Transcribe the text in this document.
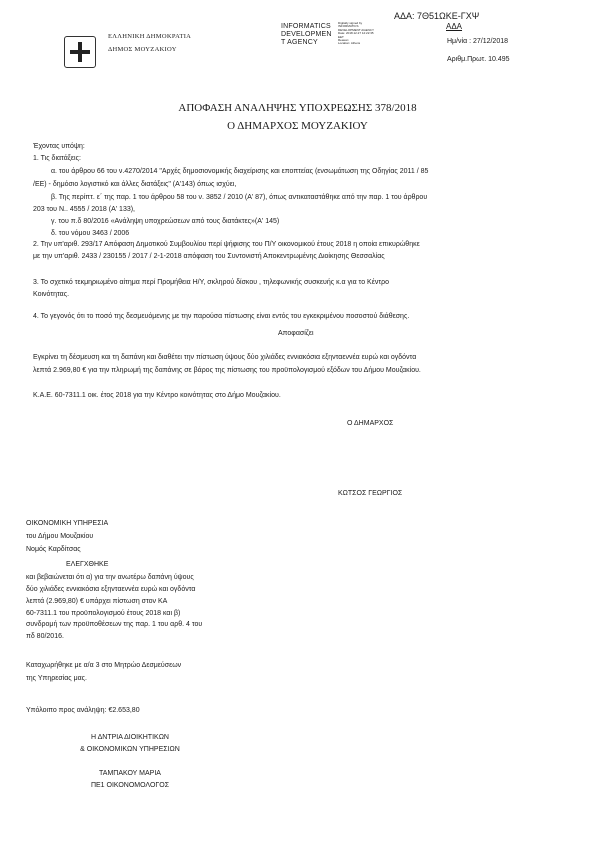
ΕΛΛΗΝΙΚΗ ΔΗΜΟΚΡΑΤΙΑ
ΔΗΜΟΣ ΜΟΥΖΑΚΙΟΥ
INFORMATICS
DEVELOPMEN
T AGENCY
Digitally signed by
INFORMATICS
DEVELOPMENT AGENCY
Date: 2018.12.27 12:22:35
EET
Reason:
Location: Athens
ΑΔΑ: 7Θ51ΩΚΕ-ΓΧΨ
ΑΔΑ
Ημ/νία : 27/12/2018
Αριθμ.Πρωτ. 10.495
ΑΠΟΦΑΣΗ ΑΝΑΛΗΨΗΣ ΥΠΟΧΡΕΩΣΗΣ 378/2018
Ο ΔΗΜΑΡΧΟΣ ΜΟΥΖΑΚΙΟΥ
Έχοντας υπόψη:
1. Τις διατάξεις:
α. του άρθρου 66 του ν.4270/2014 "Αρχές δημοσιονομικής διαχείρισης και εποπτείας (ενσωμάτωση της Οδηγίας 2011 / 85
/ΕΕ) - δημόσιο λογιστικό και άλλες διατάξεις" (Α'143) όπως ισχύει,
β. Της περίπτ. ε΄ της παρ. 1 του άρθρου 58 του ν. 3852 / 2010 (Α' 87), όπως αντικαταστάθηκε από την παρ. 1 του άρθρου
203 του Ν.. 4555 / 2018 (Α' 133),
γ. του π.δ 80/2016 «Ανάληψη υποχρεώσεων από τους διατάκτες»(Α' 145)
δ. του νόμου 3463 / 2006
2. Την υπ'αριθ. 293/17 Απόφαση Δημοτικού Συμβουλίου περί ψήφισης του Π/Υ οικονομικού έτους 2018 η οποία επικυρώθηκε
με την υπ'αριθ. 2433 / 230155 / 2017 / 2-1-2018 απόφαση του Συντονιστή Αποκεντρωμένης Διοίκησης Θεσσαλίας
3. Το σχετικό τεκμηριωμένο αίτημα περί Προμήθεια Η/Υ, σκληρού δίσκου , τηλεφωνικής συσκευής κ.α για το Κέντρο
Κοινότητας.
4. Το γεγονός ότι το ποσό της δεσμευόμενης με την παρούσα πίστωσης είναι εντός του εγκεκριμένου ποσοστού διάθεσης.
Αποφασίζει
Εγκρίνει τη δέσμευση και τη δαπάνη και διαθέτει την πίστωση ύψους δύο χιλιάδες εννιακόσια εξηνταεννέα ευρώ και ογδόντα
λεπτά 2.969,80 € για την πληρωμή της δαπάνης σε βάρος της πίστωσης του προϋπολογισμού εξόδων του Δήμου Μουζακίου.
Κ.Α.Ε. 60-7311.1 οικ. έτος 2018 για την Κέντρο κοινότητας στο Δήμο Μουζακίου.
Ο ΔΗΜΑΡΧΟΣ
ΚΩΤΣΟΣ ΓΕΩΡΓΙΟΣ
ΟΙΚΟΝΟΜΙΚΗ ΥΠΗΡΕΣΙΑ
του Δήμου Μουζακίου
Νομός Καρδίτσας
ΕΛΕΓΧΘΗΚΕ
και βεβαιώνεται ότι α) για την ανωτέρω δαπάνη ύψους
δύο χιλιάδες εννιακόσια εξηνταεννέα ευρώ και ογδόντα
λεπτά (2.969,80) € υπάρχει πίστωση στον ΚΑ
60-7311.1 του προϋπολογισμού έτους 2018 και β)
συνδρομή των προϋποθέσεων της παρ. 1 του αρθ. 4 του
πδ 80/2016.
Καταχωρήθηκε με α/α 3 στο Μητρώο Δεσμεύσεων
της Υπηρεσίας μας.
Υπόλοιπο προς ανάληψη: €2.653,80
Η ΔΝΤΡΙΑ ΔΙΟΙΚΗΤΙΚΩΝ
& ΟΙΚΟΝΟΜΙΚΩΝ ΥΠΗΡΕΣΙΩΝ
ΤΑΜΠΑΚΟΥ ΜΑΡΙΑ
ΠΕ1 ΟΙΚΟΝΟΜΟΛΟΓΟΣ
